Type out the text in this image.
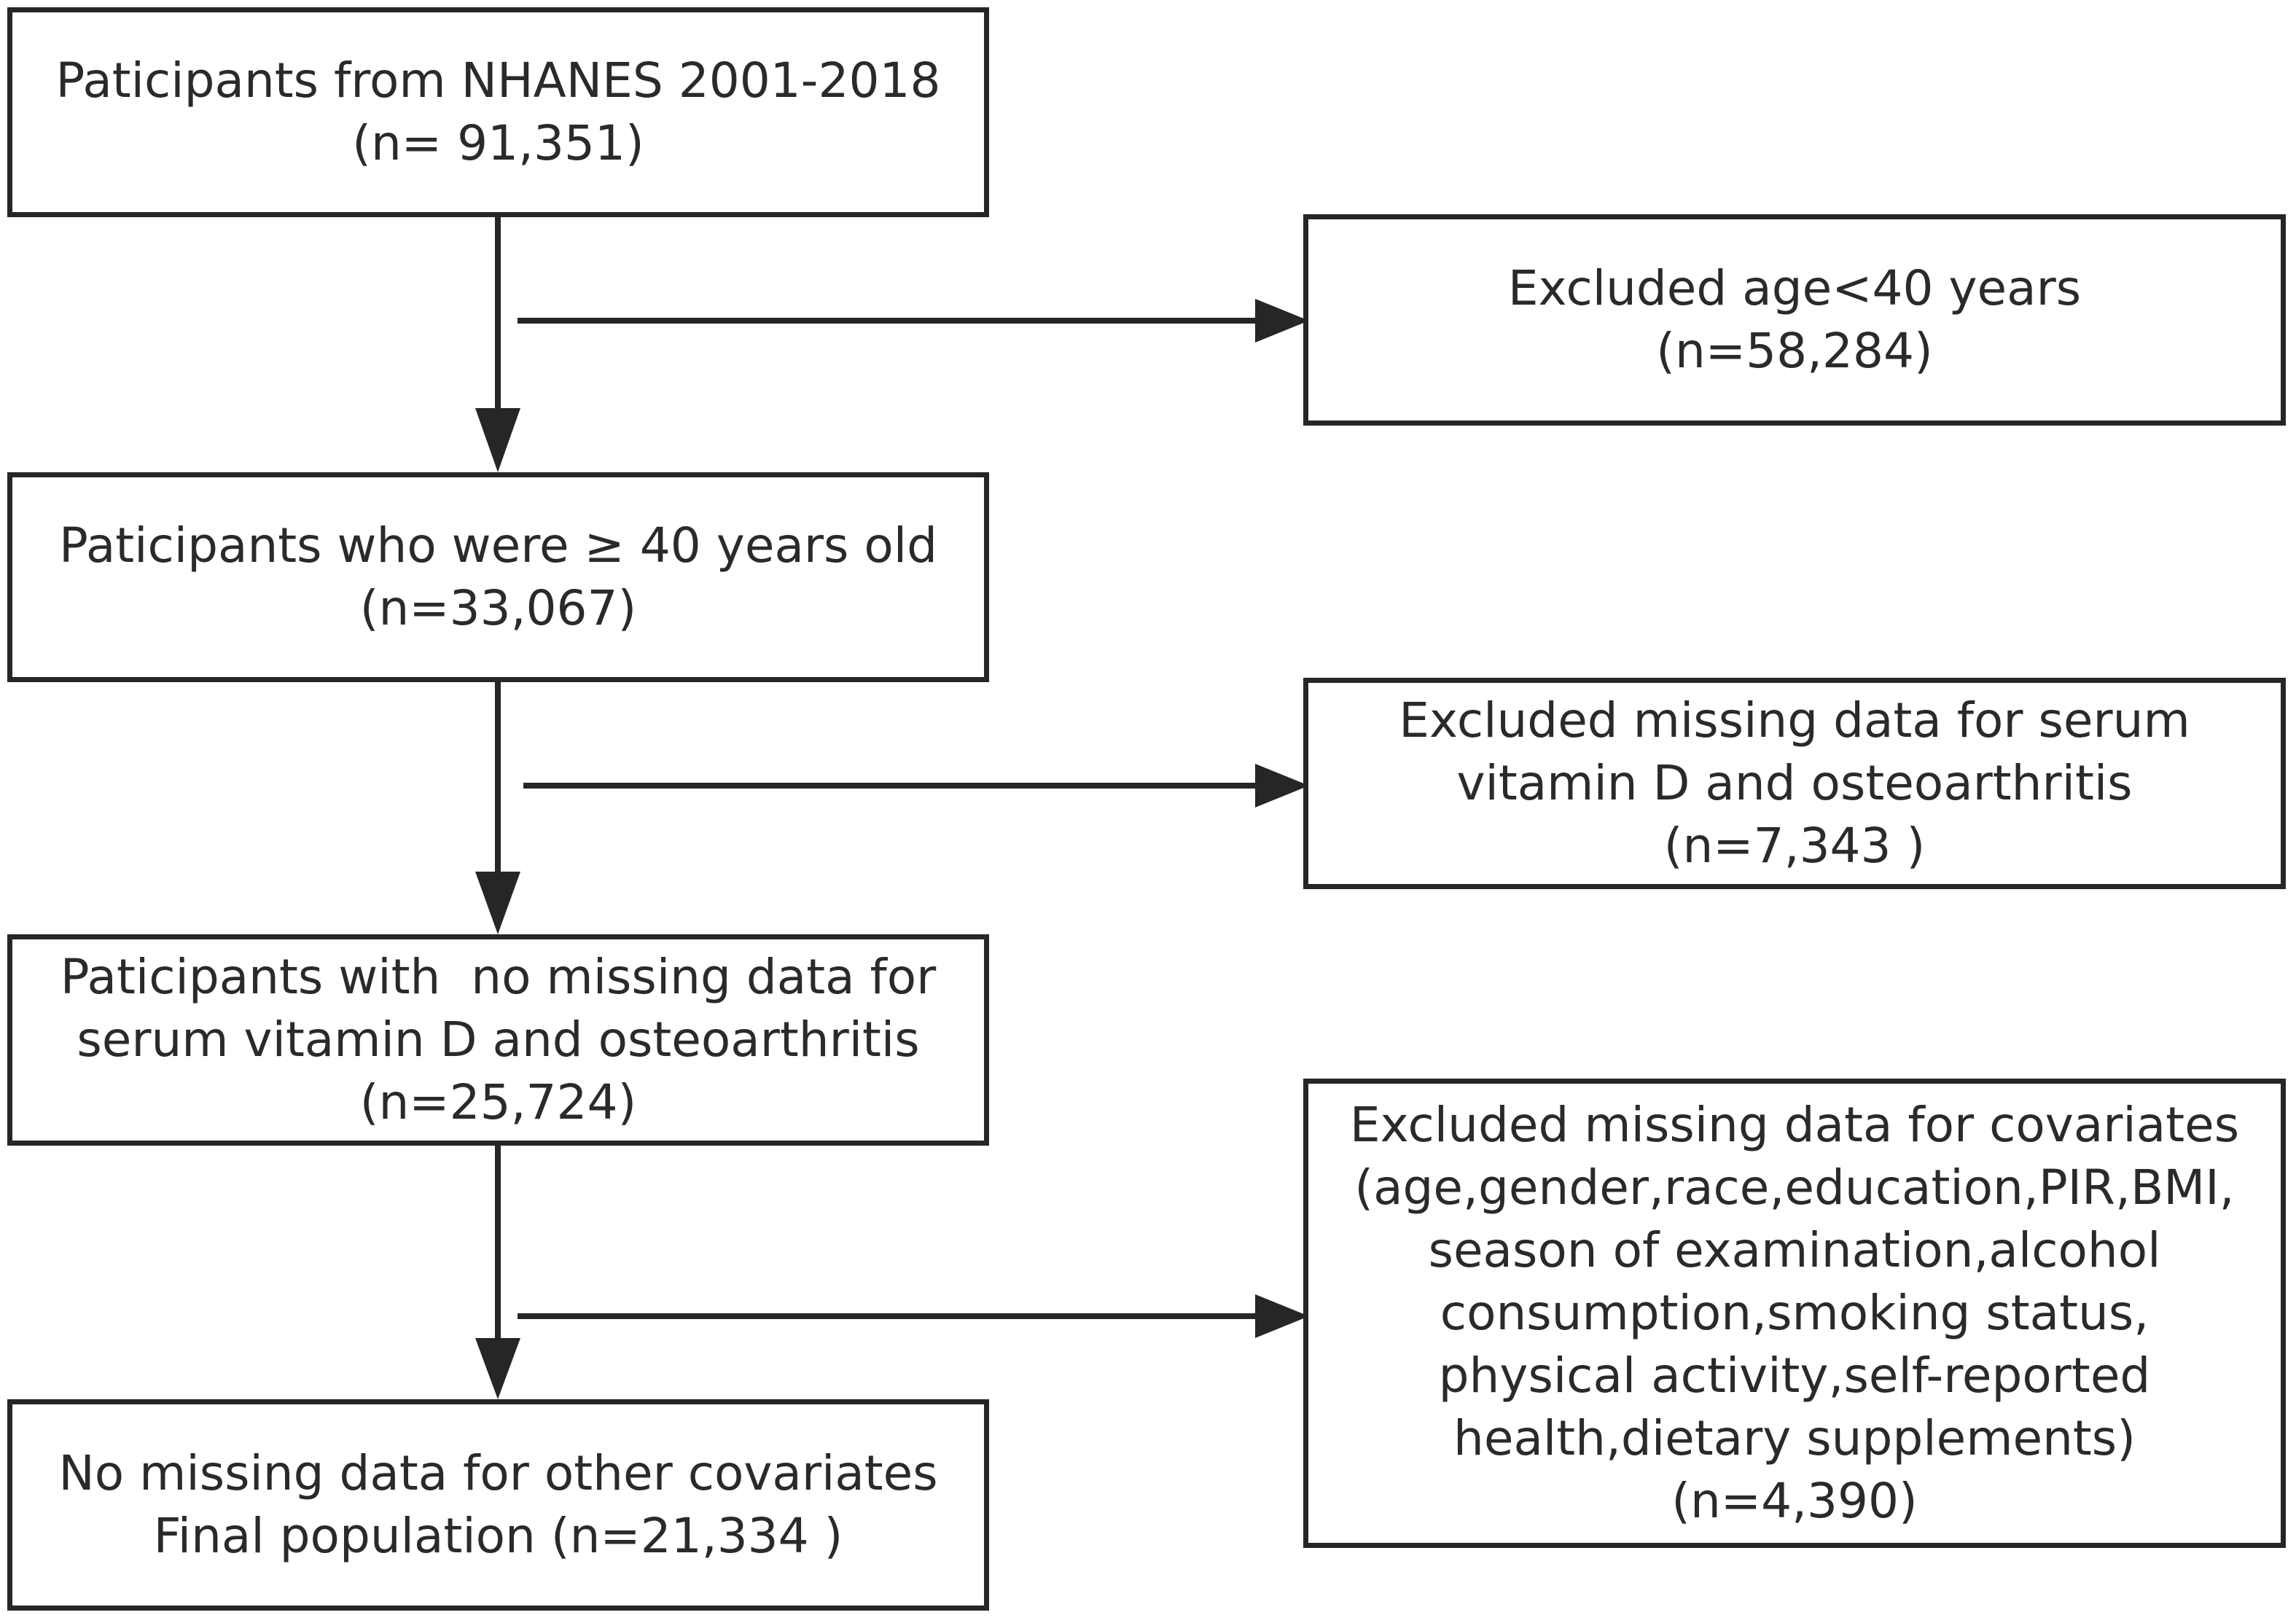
Paticipants from NHANES 2001-2018
(n= 91,351)
Excluded age<40 years
(n=58,284)
Paticipants who were ≥ 40 years old
(n=33,067)
Excluded missing data for serum
vitamin D and osteoarthritis
(n=7,343 )
Paticipants with  no missing data for
serum vitamin D and osteoarthritis
(n=25,724)	Excluded missing data for covariates
(age,gender,race,education,PIR,BMI,
season of examination,alcohol
consumption,smoking status,
physical activity,self-reported
health,dietary supplements)
(n=4,390)
No missing data for other covariates
Final population (n=21,334 )
